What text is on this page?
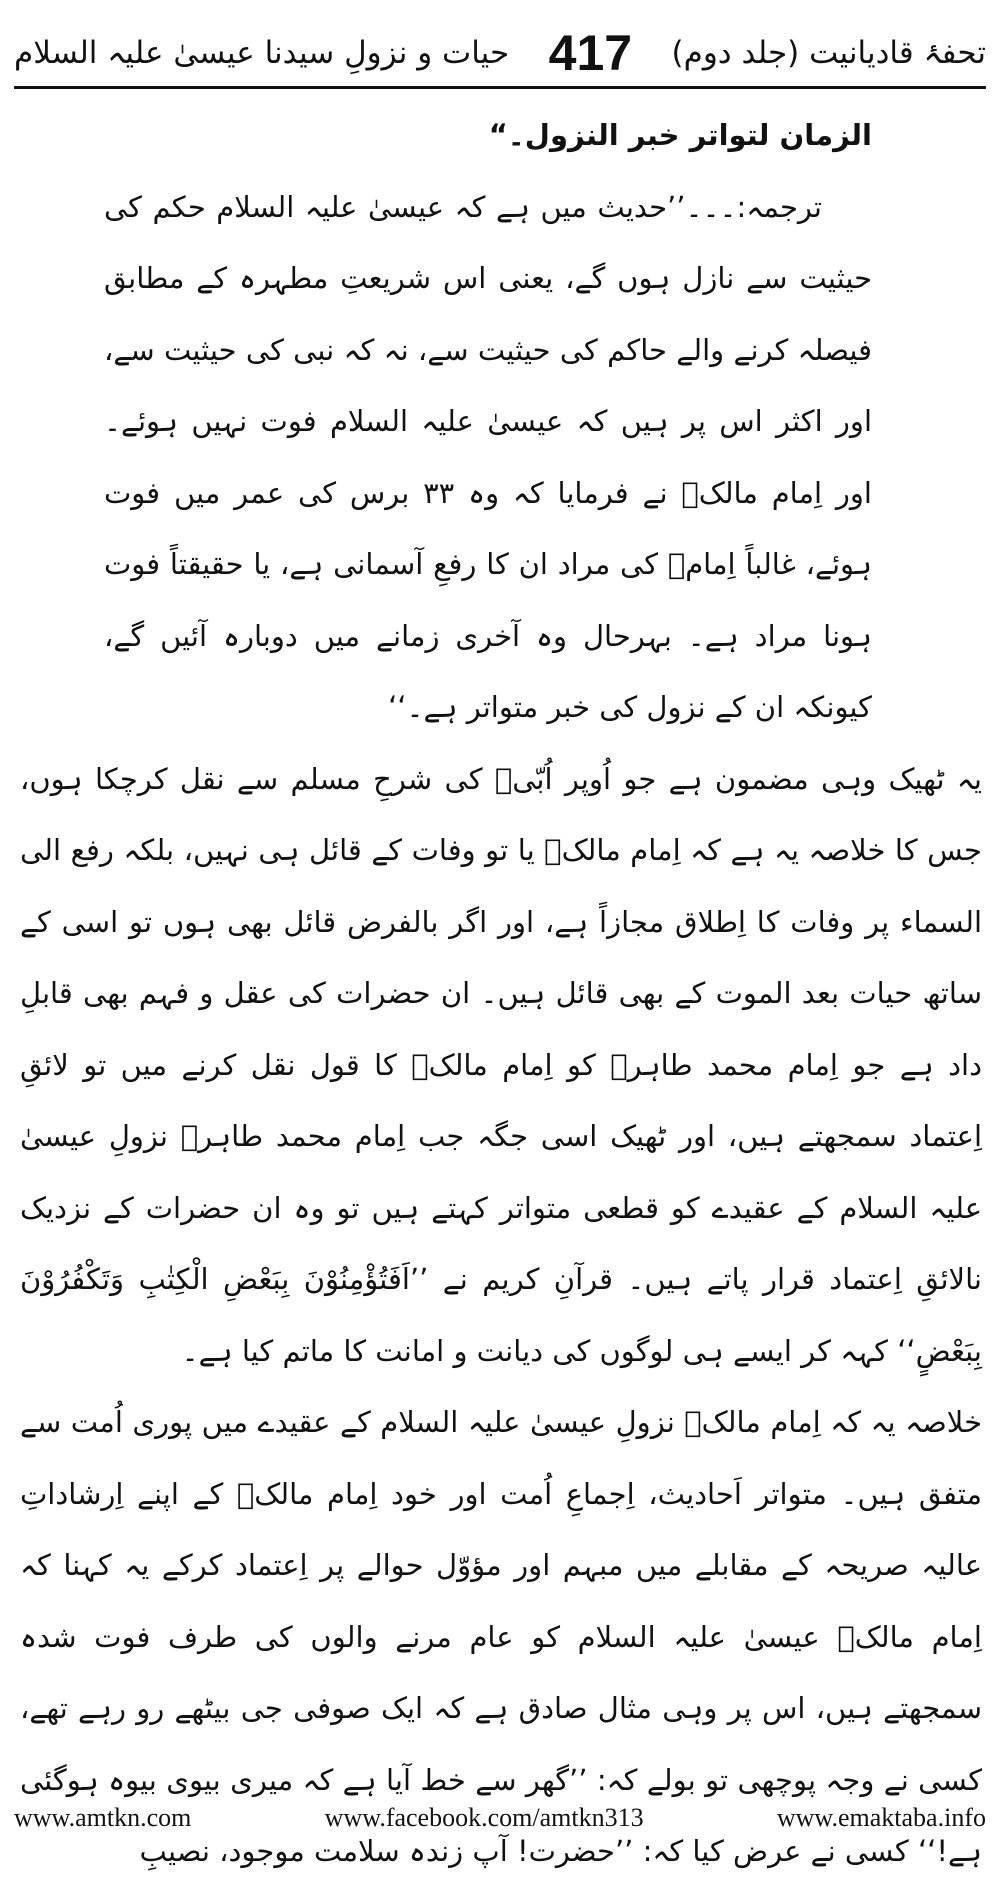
تحفۂ قادیانیت (جلد دوم)
417
حیات و نزولِ سیدنا عیسیٰ علیہ السلام

الزمان لتواتر خبر النزول۔“

ترجمہ:۔۔۔’’حدیث میں ہے کہ عیسیٰ علیہ السلام حکم کی حیثیت سے نازل ہوں گے، یعنی اس شریعتِ مطہرہ کے مطابق فیصلہ کرنے والے حاکم کی حیثیت سے، نہ کہ نبی کی حیثیت سے، اور اکثر اس پر ہیں کہ عیسیٰ علیہ السلام فوت نہیں ہوئے۔ اور اِمام مالکؒ نے فرمایا کہ وہ ۳۳ برس کی عمر میں فوت ہوئے، غالباً اِمامؒ کی مراد ان کا رفعِ آسمانی ہے، یا حقیقتاً فوت ہونا مراد ہے۔ بہرحال وہ آخری زمانے میں دوبارہ آئیں گے، کیونکہ ان کے نزول کی خبر متواتر ہے۔‘‘

یہ ٹھیک وہی مضمون ہے جو اُوپر اُبّیؒ کی شرحِ مسلم سے نقل کرچکا ہوں، جس کا خلاصہ یہ ہے کہ اِمام مالکؒ یا تو وفات کے قائل ہی نہیں، بلکہ رفع الی السماء پر وفات کا اِطلاق مجازاً ہے، اور اگر بالفرض قائل بھی ہوں تو اسی کے ساتھ حیات بعد الموت کے بھی قائل ہیں۔ ان حضرات کی عقل و فہم بھی قابلِ داد ہے جو اِمام محمد طاہرؒ کو اِمام مالکؒ کا قول نقل کرنے میں تو لائقِ اِعتماد سمجھتے ہیں، اور ٹھیک اسی جگہ جب اِمام محمد طاہرؒ نزولِ عیسیٰ علیہ السلام کے عقیدے کو قطعی متواتر کہتے ہیں تو وہ ان حضرات کے نزدیک نالائقِ اِعتماد قرار پاتے ہیں۔ قرآنِ کریم نے ’’اَفَتُؤْمِنُوْنَ بِبَعْضِ الْکِتٰبِ وَتَکْفُرُوْنَ بِبَعْضٍ‘‘ کہہ کر ایسے ہی لوگوں کی دیانت و امانت کا ماتم کیا ہے۔

خلاصہ یہ کہ اِمام مالکؒ نزولِ عیسیٰ علیہ السلام کے عقیدے میں پوری اُمت سے متفق ہیں۔ متواتر اَحادیث، اِجماعِ اُمت اور خود اِمام مالکؒ کے اپنے اِرشاداتِ عالیہ صریحہ کے مقابلے میں مبہم اور مؤوّل حوالے پر اِعتماد کرکے یہ کہنا کہ اِمام مالکؒ عیسیٰ علیہ السلام کو عام مرنے والوں کی طرف فوت شدہ سمجھتے ہیں، اس پر وہی مثال صادق ہے کہ ایک صوفی جی بیٹھے رو رہے تھے، کسی نے وجہ پوچھی تو بولے کہ: ’’گھر سے خط آیا ہے کہ میری بیوی بیوہ ہوگئی ہے!‘‘ کسی نے عرض کیا کہ: ’’حضرت! آپ زندہ سلامت موجود، نصیبِ

www.amtkn.com	www.facebook.com/amtkn313	www.emaktaba.info
